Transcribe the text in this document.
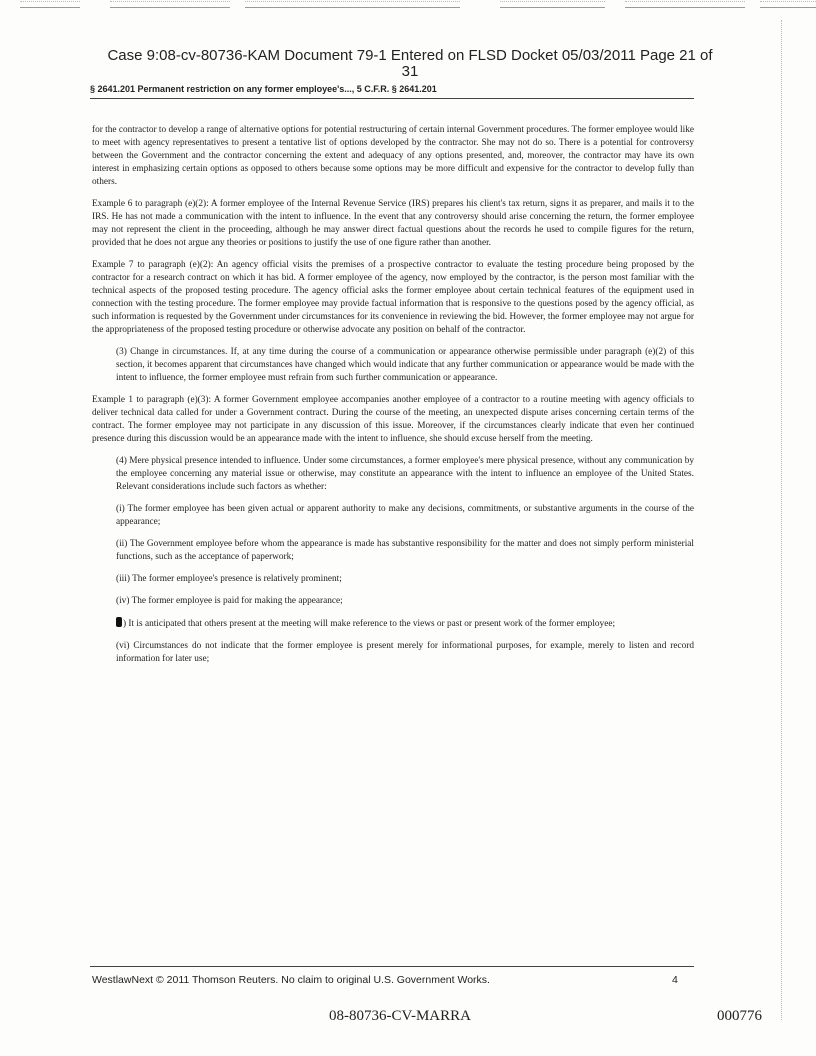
Case 9:08-cv-80736-KAM Document 79-1 Entered on FLSD Docket 05/03/2011 Page 21 of
31
§ 2641.201 Permanent restriction on any former employee's..., 5 C.F.R. § 2641.201

for the contractor to develop a range of alternative options for potential restructuring of certain internal Government procedures. The former employee would like to meet with agency representatives to present a tentative list of options developed by the contractor. She may not do so. There is a potential for controversy between the Government and the contractor concerning the extent and adequacy of any options presented, and, moreover, the contractor may have its own interest in emphasizing certain options as opposed to others because some options may be more difficult and expensive for the contractor to develop fully than others.

Example 6 to paragraph (e)(2): A former employee of the Internal Revenue Service (IRS) prepares his client's tax return, signs it as preparer, and mails it to the IRS. He has not made a communication with the intent to influence. In the event that any controversy should arise concerning the return, the former employee may not represent the client in the proceeding, although he may answer direct factual questions about the records he used to compile figures for the return, provided that he does not argue any theories or positions to justify the use of one figure rather than another.

Example 7 to paragraph (e)(2): An agency official visits the premises of a prospective contractor to evaluate the testing procedure being proposed by the contractor for a research contract on which it has bid. A former employee of the agency, now employed by the contractor, is the person most familiar with the technical aspects of the proposed testing procedure. The agency official asks the former employee about certain technical features of the equipment used in connection with the testing procedure. The former employee may provide factual information that is responsive to the questions posed by the agency official, as such information is requested by the Government under circumstances for its convenience in reviewing the bid. However, the former employee may not argue for the appropriateness of the proposed testing procedure or otherwise advocate any position on behalf of the contractor.

(3) Change in circumstances. If, at any time during the course of a communication or appearance otherwise permissible under paragraph (e)(2) of this section, it becomes apparent that circumstances have changed which would indicate that any further communication or appearance would be made with the intent to influence, the former employee must refrain from such further communication or appearance.

Example 1 to paragraph (e)(3): A former Government employee accompanies another employee of a contractor to a routine meeting with agency officials to deliver technical data called for under a Government contract. During the course of the meeting, an unexpected dispute arises concerning certain terms of the contract. The former employee may not participate in any discussion of this issue. Moreover, if the circumstances clearly indicate that even her continued presence during this discussion would be an appearance made with the intent to influence, she should excuse herself from the meeting.

(4) Mere physical presence intended to influence. Under some circumstances, a former employee's mere physical presence, without any communication by the employee concerning any material issue or otherwise, may constitute an appearance with the intent to influence an employee of the United States. Relevant considerations include such factors as whether:

(i) The former employee has been given actual or apparent authority to make any decisions, commitments, or substantive arguments in the course of the appearance;

(ii) The Government employee before whom the appearance is made has substantive responsibility for the matter and does not simply perform ministerial functions, such as the acceptance of paperwork;

(iii) The former employee's presence is relatively prominent;

(iv) The former employee is paid for making the appearance;

) It is anticipated that others present at the meeting will make reference to the views or past or present work of the former employee;

(vi) Circumstances do not indicate that the former employee is present merely for informational purposes, for example, merely to listen and record information for later use;

WestlawNext © 2011 Thomson Reuters. No claim to original U.S. Government Works.	4
08-80736-CV-MARRA	000776
